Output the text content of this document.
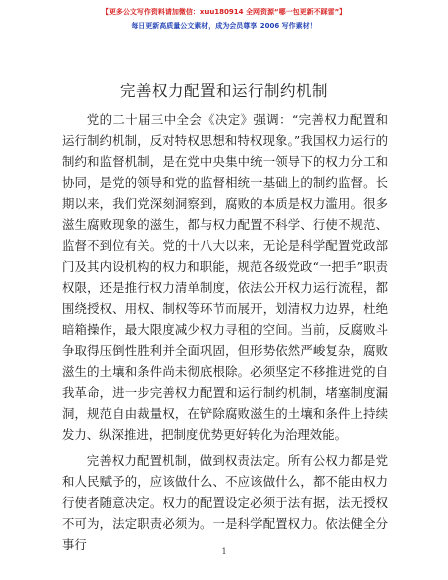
【更多公文写作资料请加微信：xuu180914 全网资源“哪一包更新不踩雷”】
每日更新高质量公文素材，成为会员尊享 2006 写作素材！
完善权力配置和运行制约机制

党的二十届三中全会《决定》强调：“完善权力配置和运行制约机制，反对特权思想和特权现象。”我国权力运行的制约和监督机制，是在党中央集中统一领导下的权力分工和协同，是党的领导和党的监督相统一基础上的制约监督。长期以来，我们党深刻洞察到，腐败的本质是权力滥用。很多滋生腐败现象的滋生，都与权力配置不科学、行使不规范、监督不到位有关。党的十八大以来，无论是科学配置党政部门及其内设机构的权力和职能，规范各级党政“一把手”职责权限，还是推行权力清单制度，依法公开权力运行流程，都围绕授权、用权、制权等环节而展开，划清权力边界，杜绝暗箱操作，最大限度减少权力寻租的空间。当前，反腐败斗争取得压倒性胜利并全面巩固，但形势依然严峻复杂，腐败滋生的土壤和条件尚未彻底根除。必须坚定不移推进党的自我革命，进一步完善权力配置和运行制约机制，堵塞制度漏洞，规范自由裁量权，在铲除腐败滋生的土壤和条件上持续发力、纵深推进，把制度优势更好转化为治理效能。

完善权力配置机制，做到权责法定。所有公权力都是党和人民赋予的，应该做什么、不应该做什么，都不能由权力行使者随意决定。权力的配置设定必须于法有据，法无授权不可为，法定职责必须为。一是科学配置权力。依法健全分事行	1
